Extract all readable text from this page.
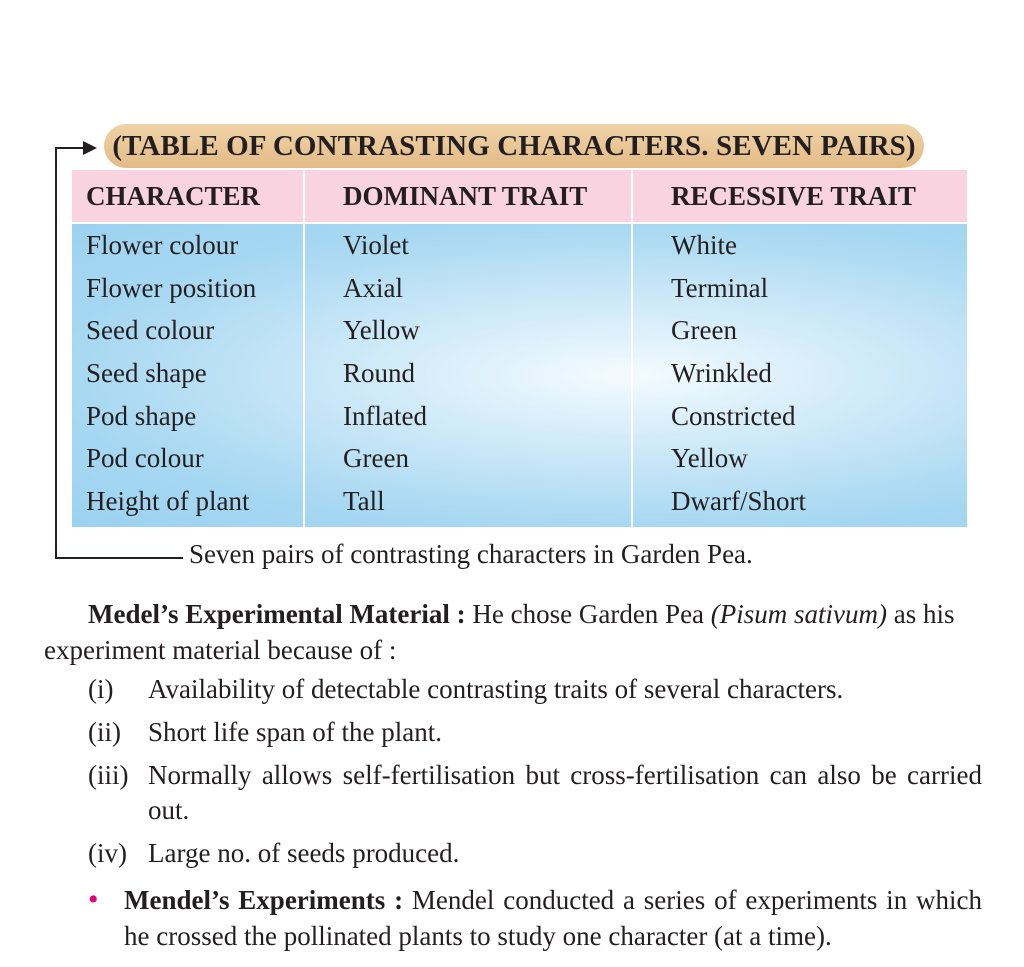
(TABLE OF CONTRASTING CHARACTERS. SEVEN PAIRS)
CHARACTER	DOMINANT TRAIT	RECESSIVE TRAIT
Flower colour	Violet	White
Flower position	Axial	Terminal
Seed colour	Yellow	Green
Seed shape	Round	Wrinkled
Pod shape	Inflated	Constricted
Pod colour	Green	Yellow
Height of plant	Tall	Dwarf/Short
Seven pairs of contrasting characters in Garden Pea.
Medel’s Experimental Material : He chose Garden Pea (Pisum sativum) as his experiment material because of :
(i)	Availability of detectable contrasting traits of several characters.
(ii)	Short life span of the plant.
(iii) Normally allows self-fertilisation but cross-fertilisation can also be carried out.
(iv) Large no. of seeds produced.
• Mendel’s Experiments : Mendel conducted a series of experiments in which he crossed the pollinated plants to study one character (at a time).
